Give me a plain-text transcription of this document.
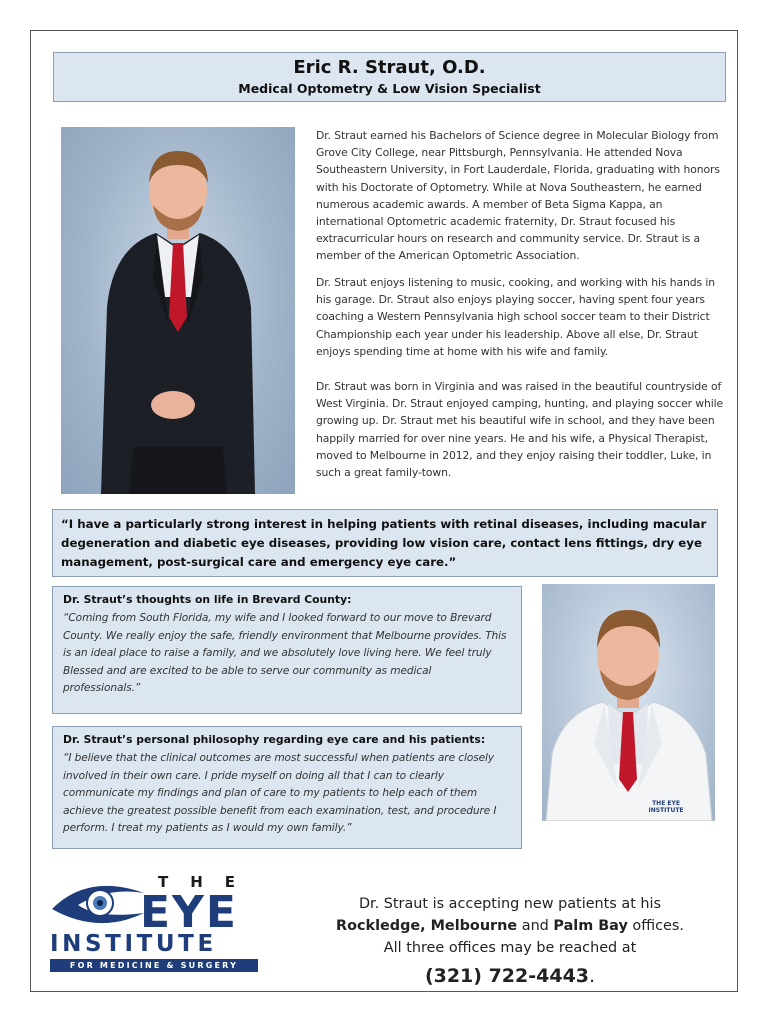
Eric R. Straut, O.D.
Medical Optometry & Low Vision Specialist
Dr. Straut earned his Bachelors of Science degree in Molecular Biology from Grove City College, near Pittsburgh, Pennsylvania. He attended Nova Southeastern University, in Fort Lauderdale, Florida, graduating with honors with his Doctorate of Optometry. While at Nova Southeastern, he earned numerous academic awards. A member of Beta Sigma Kappa, an international Optometric academic fraternity, Dr. Straut focused his extracurricular hours on research and community service. Dr. Straut is a member of the American Optometric Association.
Dr. Straut enjoys listening to music, cooking, and working with his hands in his garage. Dr. Straut also enjoys playing soccer, having spent four years coaching a Western Pennsylvania high school soccer team to their District Championship each year under his leadership. Above all else, Dr. Straut enjoys spending time at home with his wife and family.
Dr. Straut was born in Virginia and was raised in the beautiful countryside of West Virginia. Dr. Straut enjoyed camping, hunting, and playing soccer while growing up. Dr. Straut met his beautiful wife in school, and they have been happily married for over nine years. He and his wife, a Physical Therapist, moved to Melbourne in 2012, and they enjoy raising their toddler, Luke, in such a great family-town.
“I have a particularly strong interest in helping patients with retinal diseases, including macular degeneration and diabetic eye diseases, providing low vision care, contact lens fittings, dry eye management, post-surgical care and emergency eye care.”
Dr. Straut’s thoughts on life in Brevard County:
“Coming from South Florida, my wife and I looked forward to our move to Brevard County. We really enjoy the safe, friendly environment that Melbourne provides. This is an ideal place to raise a family, and we absolutely love living here. We feel truly Blessed and are excited to be able to serve our community as medical professionals.”
Dr. Straut’s personal philosophy regarding eye care and his patients:
“I believe that the clinical outcomes are most successful when patients are closely involved in their own care. I pride myself on doing all that I can to clearly communicate my findings and plan of care to my patients to help each of them achieve the greatest possible benefit from each examination, test, and procedure I perform. I treat my patients as I would my own family.”
THE EYE INSTITUTE
THE
EYE
INSTITUTE
FOR MEDICINE & SURGERY
Dr. Straut is accepting new patients at his
Rockledge, Melbourne and Palm Bay offices.
All three offices may be reached at
(321) 722-4443.
